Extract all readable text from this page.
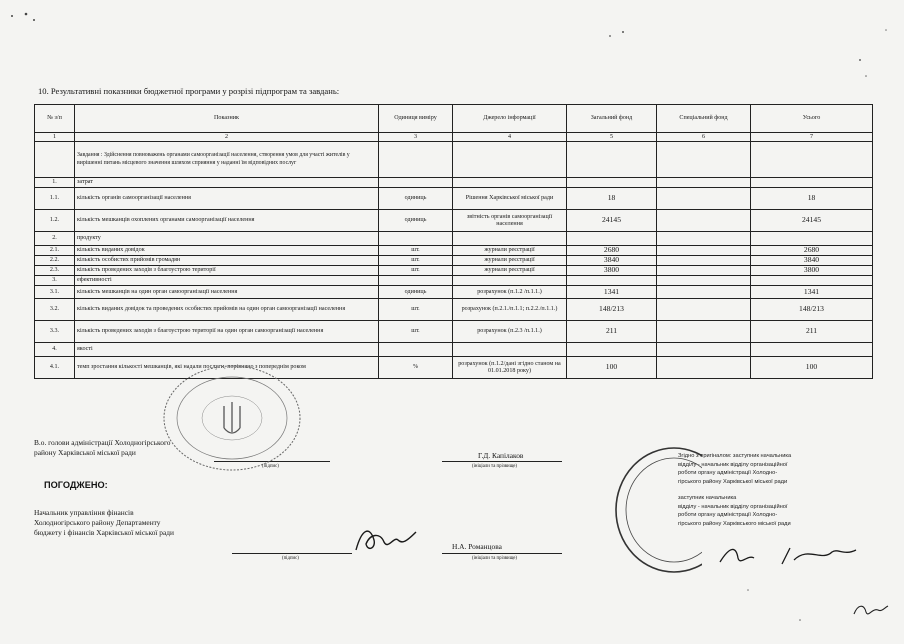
10. Результативні показники бюджетної програми у розрізі підпрограм та завдань:
№ з/п	Показник	Одиниця виміру	Джерело інформації	Загальний фонд	Спеціальний фонд	Усього
1	2	3	4	5	6	7
	Завдання : Здійснення повноважень органами самоорганізації населення, створення умов для участі жителів у вирішенні питань місцевого значення шляхом сприяння у наданні їм відповідних послуг					
1.	затрат					
1.1.	кількість органів самоорганізації населення	одиниць	Рішення Харківської міської ради	18		18
1.2.	кількість мешканців охоплених органами самоорганізації населення	одиниць	звітність органів самоорганізації населення	24145		24145
2.	продукту					
2.1.	кількість виданих довідок	шт.	журнали реєстрації	2680		2680
2.2.	кількість особистих прийомів громадян	шт.	журнали реєстрації	3840		3840
2.3.	кількість проведених заходів з благоустрою території	шт.	журнали реєстрації	3800		3800
3.	ефективності					
3.1.	кількість мешканців на один орган самоорганізації населення	одиниць	розрахунок (п.1.2 /п.1.1.)	1341		1341
3.2.	кількість виданих довідок та проведених особистих прийомів на один орган самоорганізації населення	шт.	розрахунок (п.2.1./п.1.1; п.2.2./п.1.1.)	148/213		148/213
3.3.	кількість проведених заходів з благоустрою території на один орган самоорганізації населення	шт.	розрахунок (п.2.3 /п.1.1.)	211		211
4.	якості					
4.1.	темп зростання кількості мешканців, які надали послуги, порівняно з попереднім роком	%	розрахунок (п.1.2/дані згідно станом на 01.01.2018 року)	100		100
В.о. голови адміністрації Холодногірського
району Харківської міської ради
(підпис)
Г.Д. Капілаков
(ініціали та прізвище)
ПОГОДЖЕНО:
Начальник управління фінансів
Холодногірського району Департаменту
бюджету і фінансів Харківської міської ради
(підпис)
Н.А. Романцова
(ініціали та прізвище)
Згідно з оригіналом: заступник начальника
відділу - начальник відділу організаційної
роботи органу адміністрації Холодно-
гірського району Харківської міської ради
заступник начальника
відділу - начальник відділу організаційної
роботи органу адміністрації Холодно-
гірського району Харківського міської ради
